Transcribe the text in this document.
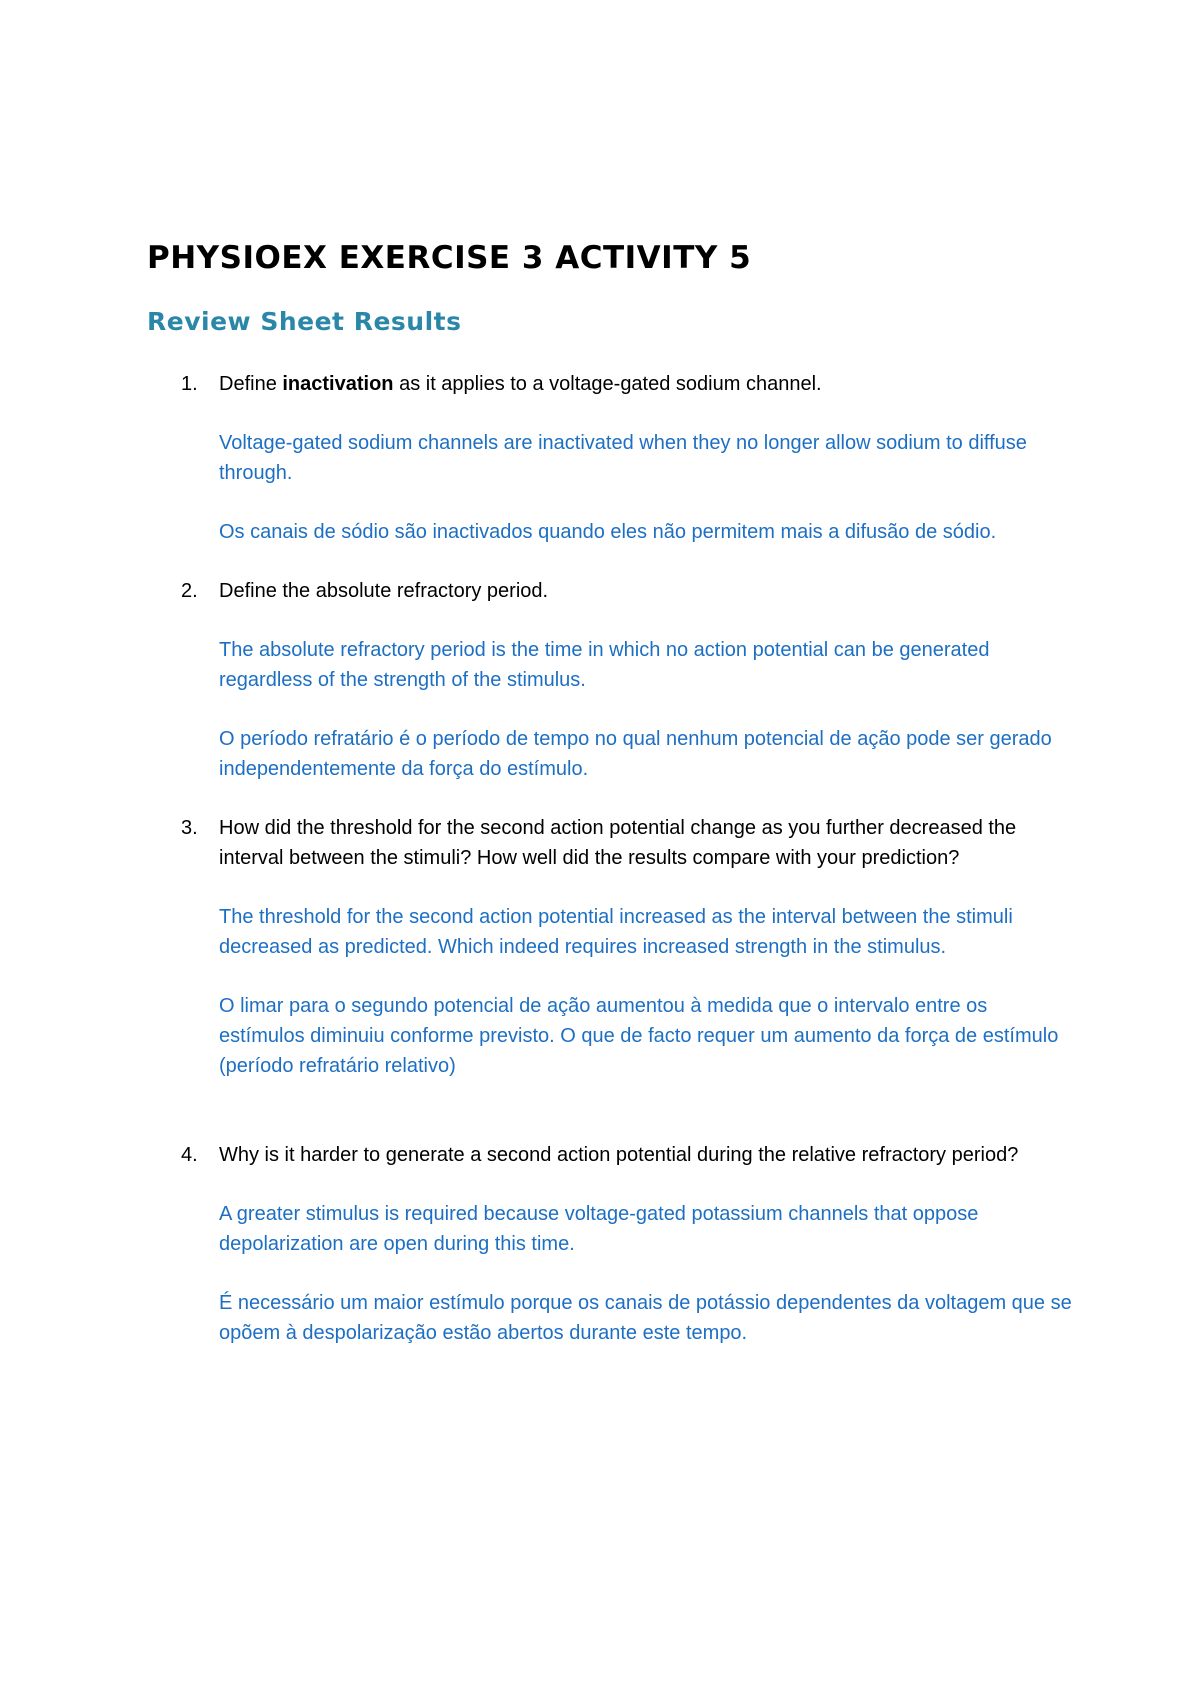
PHYSIOEX EXERCISE 3 ACTIVITY 5
Review Sheet Results
1. Define inactivation as it applies to a voltage-gated sodium channel.

Voltage-gated sodium channels are inactivated when they no longer allow sodium to diffuse through.

Os canais de sódio são inactivados quando eles não permitem mais a difusão de sódio.

2. Define the absolute refractory period.

The absolute refractory period is the time in which no action potential can be generated regardless of the strength of the stimulus.

O período refratário é o período de tempo no qual nenhum potencial de ação pode ser gerado independentemente da força do estímulo.

3. How did the threshold for the second action potential change as you further decreased the interval between the stimuli? How well did the results compare with your prediction?

The threshold for the second action potential increased as the interval between the stimuli decreased as predicted. Which indeed requires increased strength in the stimulus.

O limar para o segundo potencial de ação aumentou à medida que o intervalo entre os estímulos diminuiu conforme previsto. O que de facto requer um aumento da força de estímulo (período refratário relativo)

4. Why is it harder to generate a second action potential during the relative refractory period?

A greater stimulus is required because voltage-gated potassium channels that oppose depolarization are open during this time.

É necessário um maior estímulo porque os canais de potássio dependentes da voltagem que se opõem à despolarização estão abertos durante este tempo.
